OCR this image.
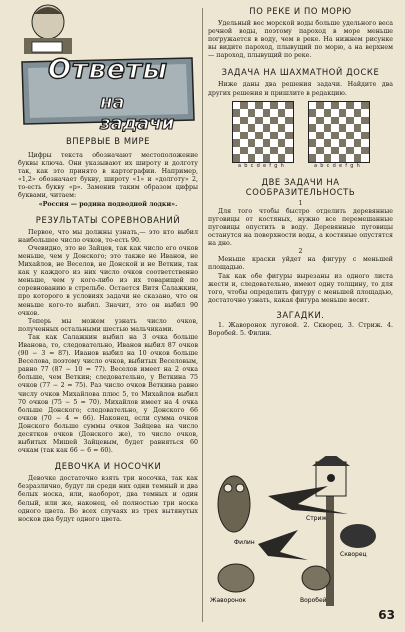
Ответы
на задачи
ВПЕРВЫЕ В МИРЕ

Цифры текста обозначают местоположение буквы ключа. Они указывают их широту и долготу так, как это принято в картографии. Например, «1,2» обозначает букву, широту «1» и «долготу» 2, то-есть букву «р». Заменив таким образом цифры буквами, читаем:

«Россия — родина подводной лодки».

РЕЗУЛЬТАТЫ СОРЕВНОВАНИЙ

Первое, что мы должны узнать,— это кто выбил наибольшее число очков, то-есть 90.

Очевидно, это не Зайцев, так как число его очков меньше, чем у Донского; это также не Иванов, не Михайлов, не Веселов, не Донской и не Веткин, так как у каждого из них число очков соответственно меньше, чем у кого-либо из их товарищей по соревнованию в стрельбе. Остается Витя Салажкин, про которого в условиях задачи не сказано, что он меньше кого-то выбил. Значит, это он выбил 90 очков.

Теперь мы можем узнать число очков, полученных остальными шестью мальчиками.

Так как Салажкин выбил на 3 очка больше Иванова, то, следовательно, Иванов выбил 87 очков (90 − 3 = 87). Иванов выбил на 10 очков больше Веселова, поэтому число очков, выбитых Веселовым, равно 77 (87 − 10 = 77). Веселов имеет на 2 очка больше, чем Веткин; следовательно, у Веткина 75 очков (77 − 2 = 75). Раз число очков Веткина равно числу очков Михайлова плюс 5, то Михайлов выбил 70 очков (75 − 5 = 70). Михайлов имеет на 4 очка больше Донского; следовательно, у Донского 66 очков (70 − 4 = 66). Наконец, если сумма очков Донского больше суммы очков Зайцева на число десятков очков (Донского же), то число очков, выбитых Мишей Зайцевым, будет равняться 60 очкам (так как 66 − 6 = 60).

ДЕВОЧКА И НОСОЧКИ

Девочке достаточно взять три носочка, так как безразлично, будут ли среди них одни темный и два белых носка, или, наоборот, два темных и один белый, или же, наконец, её полностью три носка одного цвета. Во всех случаях из трех вытянутых носков два будут одного цвета.

ПО РЕКЕ И ПО МОРЮ

Удельный вес морской воды больше удельного веса речной воды, поэтому пароход в море меньше погружается в воду, чем в реке. На нижнем рисунке вы видите пароход, плывущий по морю, а на верхнем — пароход, плывущий по реке.

ЗАДАЧА НА ШАХМАТНОЙ ДОСКЕ

Ниже даны два решения задачи. Найдите два других решения и пришлите в редакцию.

abcdefgh	abcdefgh
ДВЕ ЗАДАЧИ НА СООБРАЗИТЕЛЬНОСТЬ

1

Для того чтобы быстро отделить деревянные пуговицы от костяных, нужно все перемешанные пуговицы опустить в воду. Деревянные пуговицы останутся на поверхности воды, а костяные опустятся на дно.

2

Меньше краски уйдет на фигуру с меньшей площадью.

Так как обе фигуры вырезаны из одного листа жести и, следовательно, имеют одну толщину, то для того, чтобы определить фигуру с меньшей площадью, достаточно узнать, какая фигура меньше весит.

ЗАГАДКИ.

1. Жаворонок луговой. 2. Скворец. 3. Стриж. 4. Воробей. 5. Филин.

Стриж
Филин
Скворец
Жаворонок	Воробей
63
